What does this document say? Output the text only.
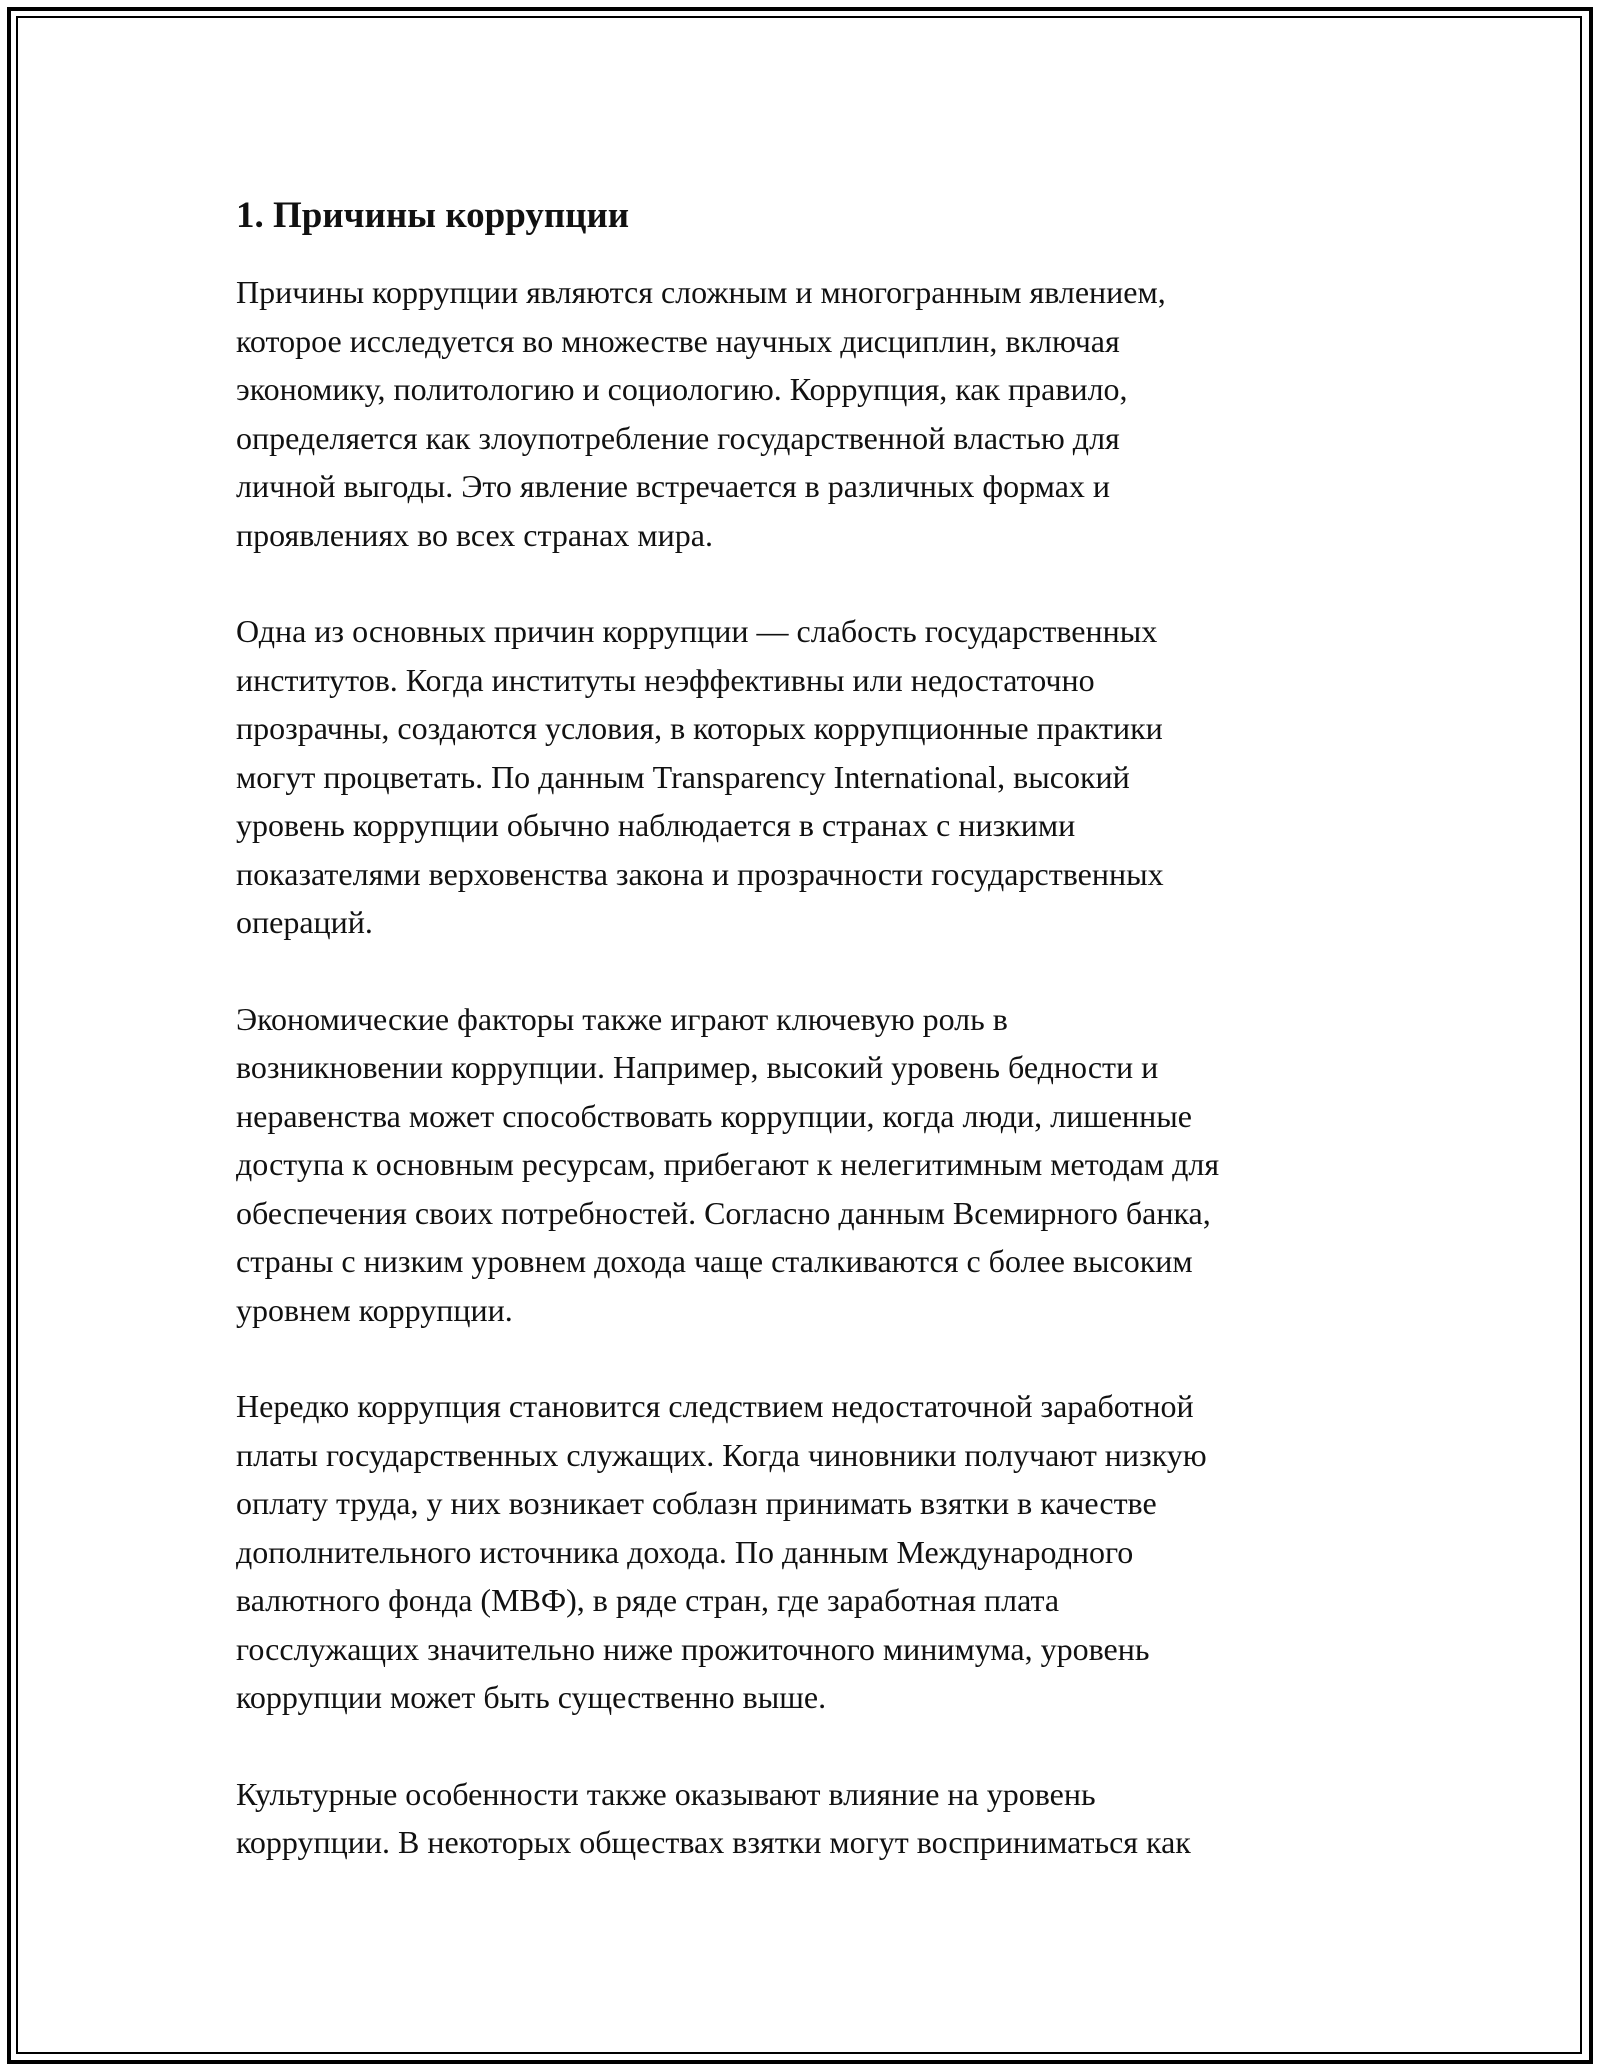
1. Причины коррупции

Причины коррупции являются сложным и многогранным явлением,
которое исследуется во множестве научных дисциплин, включая
экономику, политологию и социологию. Коррупция, как правило,
определяется как злоупотребление государственной властью для
личной выгоды. Это явление встречается в различных формах и
проявлениях во всех странах мира.

Одна из основных причин коррупции — слабость государственных
институтов. Когда институты неэффективны или недостаточно
прозрачны, создаются условия, в которых коррупционные практики
могут процветать. По данным Transparency International, высокий
уровень коррупции обычно наблюдается в странах с низкими
показателями верховенства закона и прозрачности государственных
операций.

Экономические факторы также играют ключевую роль в
возникновении коррупции. Например, высокий уровень бедности и
неравенства может способствовать коррупции, когда люди, лишенные
доступа к основным ресурсам, прибегают к нелегитимным методам для
обеспечения своих потребностей. Согласно данным Всемирного банка,
страны с низким уровнем дохода чаще сталкиваются с более высоким
уровнем коррупции.

Нередко коррупция становится следствием недостаточной заработной
платы государственных служащих. Когда чиновники получают низкую
оплату труда, у них возникает соблазн принимать взятки в качестве
дополнительного источника дохода. По данным Международного
валютного фонда (МВФ), в ряде стран, где заработная плата
госслужащих значительно ниже прожиточного минимума, уровень
коррупции может быть существенно выше.

Культурные особенности также оказывают влияние на уровень
коррупции. В некоторых обществах взятки могут восприниматься как
